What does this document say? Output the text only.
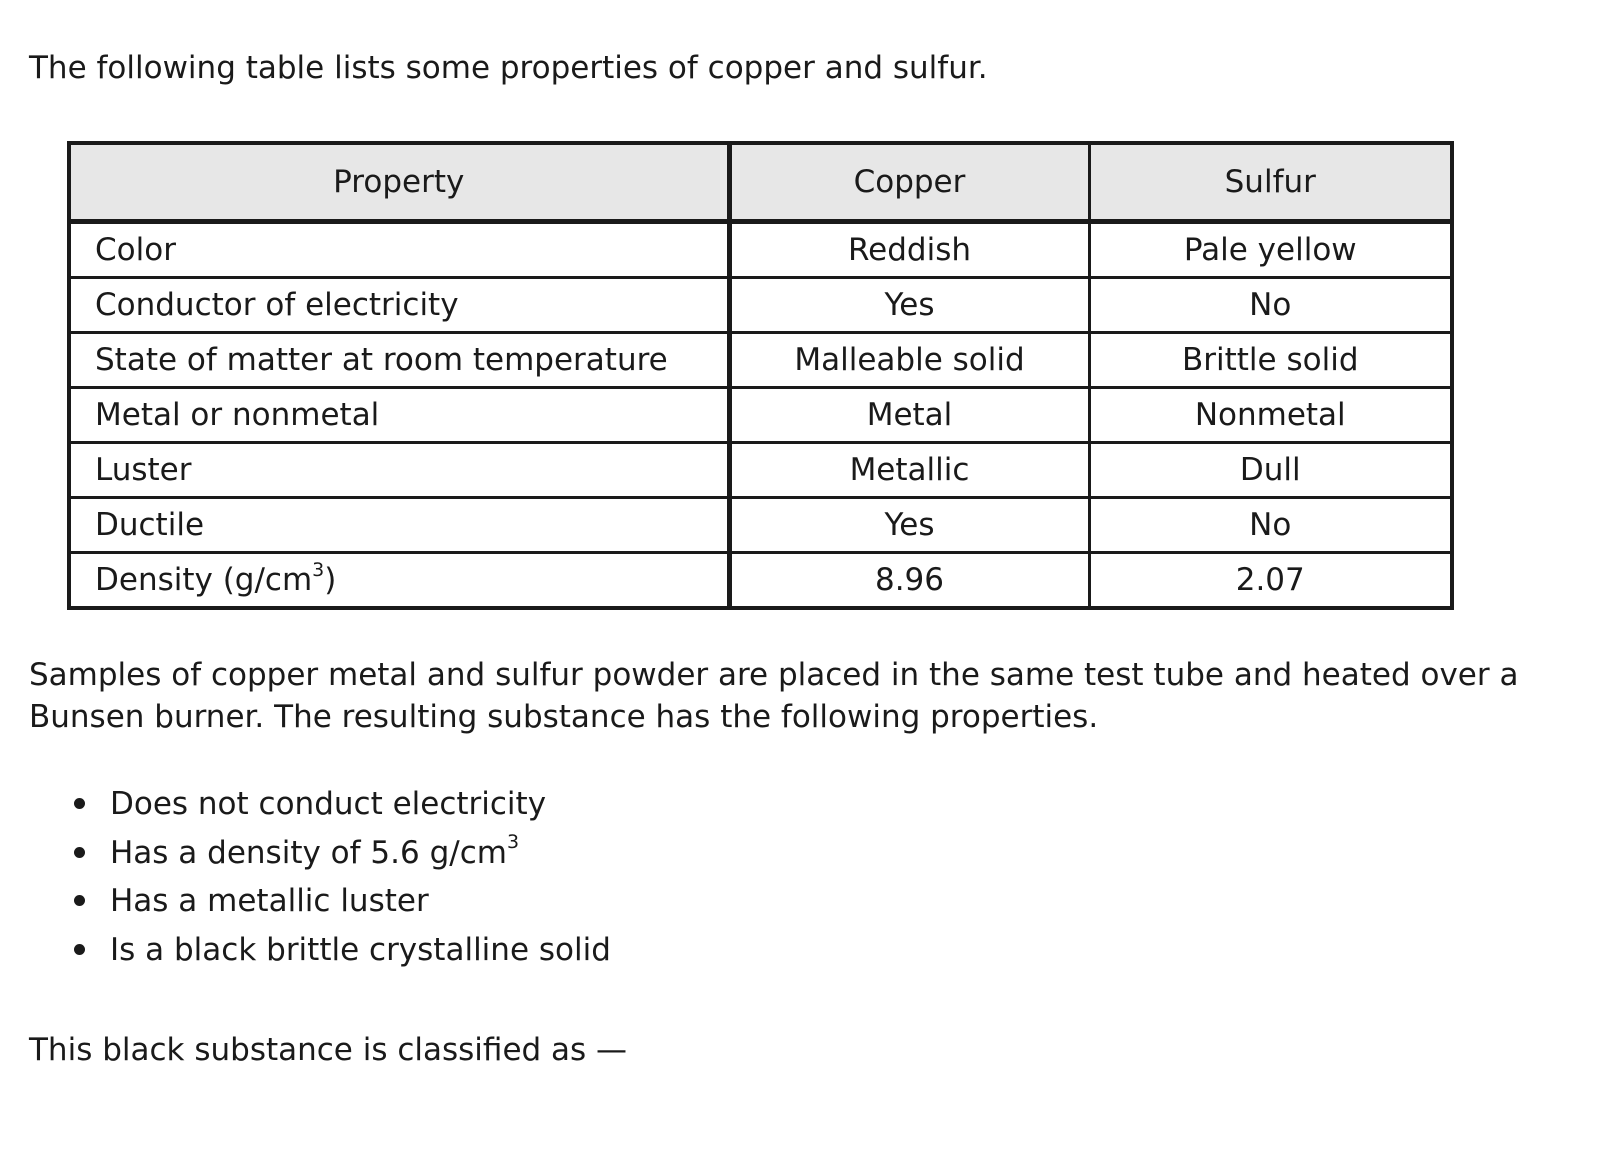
The following table lists some properties of copper and sulfur.

Property	Copper	Sulfur
Color	Reddish	Pale yellow
Conductor of electricity	Yes	No
State of matter at room temperature	Malleable solid	Brittle solid
Metal or nonmetal	Metal	Nonmetal
Luster	Metallic	Dull
Ductile	Yes	No
Density $(g/cm^3)$	8.96	2.07

Samples of copper metal and sulfur powder are placed in the same test tube and heated over a Bunsen burner. The resulting substance has the following properties.

Does not conduct electricity
Has a density of 5.6 $g/cm^3$
Has a metallic luster
Is a black brittle crystalline solid

This black substance is classified as —
